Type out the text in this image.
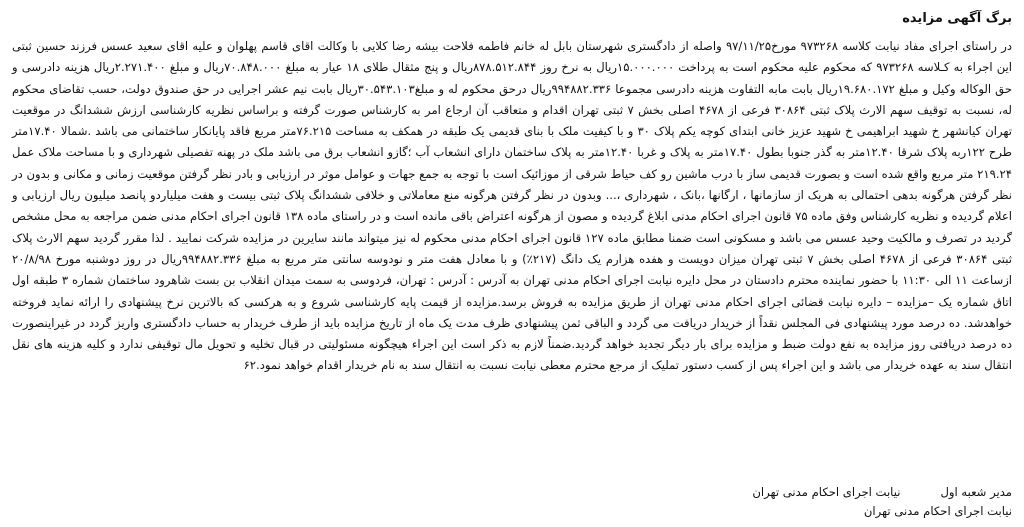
برگ آگهی مزایده

در راستای اجرای مفاد نیابت کلاسه ۹۷۳۲۶۸ مورخ۹۷/۱۱/۲۵ واصله از دادگستری شهرستان بابل له خانم فاطمه فلاحت بیشه رضا کلایی با وکالت اقای قاسم پهلوان و علیه اقای سعید عسس فرزند حسین ثبتی این اجراء به کـلاسه ۹۷۳۲۶۸ که محکوم علیه محکوم است به پرداخت ۱۵.۰۰۰.۰۰۰ریال به نرخ روز ۸۷۸.۵۱۲.۸۴۴ریال و پنج مثقال طلای ۱۸ عیار به مبلغ ۷۰.۸۴۸.۰۰۰ریال و مبلغ ۲.۲۷۱.۴۰۰ریال هزینه دادرسی و حق الوکاله وکیل و مبلغ ۱۹.۶۸۰.۱۷۲ریال بابت مابه التفاوت هزینه دادرسی مجموعا ۹۹۴۸۸۲.۳۳۶ریال درحق محکوم له و مبلغ۳۰.۵۴۳.۱۰۳ریال بابت نیم عشر اجرایی در حق صندوق دولت، حسب تقاضای محکوم له، نسبت به توقیف سهم الارث پلاک ثبتی ۳۰۸۶۴ فرعی از ۴۶۷۸ اصلی بخش ۷ ثبتی تهران اقدام و متعاقب آن ارجاع امر به کارشناس صورت گرفته و براساس نظریه کارشناسی ارزش ششدانگ در موقعیت تهران کیانشهر خ شهید ابراهیمی خ شهید عزیز خانی ابتدای کوچه یکم پلاک ۳۰ و با کیفیت ملک با بنای قدیمی یک طبقه در همکف به مساحت ۷۶.۲۱۵متر مربع فاقد پایانکار ساختمانی می باشد .شمالا ۱۷.۴۰متر طرح ۱۲۲ربه پلاک شرقا ۱۲.۴۰متر به گذر جنوبا بطول ۱۷.۴۰متر به پلاک و غربا ۱۲.۴۰متر به پلاک ساختمان دارای انشعاب آب ؛گازو انشعاب برق می باشد ملک در پهنه تفصیلی شهرداری و با مساحت ملاک عمل ۲۱۹.۲۴ متر مربع واقع شده است و بصورت قدیمی ساز با درب ماشین رو کف حیاط شرقی از موزائیک است با توجه به جمع جهات و عوامل موثر در ارزیابی و بادر نظر گرفتن موقعیت زمانی و مکانی و بدون در نظر گرفتن هرگونه بدهی احتمالی به هریک از سازمانها ، ارگانها ،بانک ، شهرداری ،... وبدون در نظر گرفتن هرگونه منع معاملاتی و خلافی ششدانگ پلاک ثبتی بیست و هفت میلیاردو پانصد میلیون ریال ارزیابی و اعلام گردیده و نظریه کارشناس وفق ماده ۷۵ قانون اجرای احکام مدنی ابلاغ گردیده و مصون از هرگونه اعتراض باقی مانده است و در راستای ماده ۱۳۸ قانون اجرای احکام مدنی ضمن مراجعه به محل مشخص گردید در تصرف و مالکیت وحید عسس می باشد و مسکونی است ضمنا مطابق ماده ۱۲۷ قانون اجرای احکام مدنی محکوم له نیز میتواند مانند سایرین در مزایده شرکت نمایید . لذا مقرر گردید سهم الارث پلاک ثبتی ۳۰۸۶۴ فرعی از ۴۶۷۸ اصلی بخش ۷ ثبتی تهران میزان دویست و هفده هزارم یک دانگ (۲۱۷٪) و با معادل هفت متر و نودوسه سانتی متر مربع به مبلغ ۹۹۴۸۸۲.۳۳۶ریال در روز دوشنبه مورخ ۲۰/۸/۹۸ ازساعت ۱۱ الی ۱۱:۳۰ با حضور نماینده محترم دادستان در محل دایره نیابت اجرای احکام مدنی تهران به آدرس : آدرس : تهران، فردوسی به سمت میدان انقلاب بن بست شاهرود ساختمان شماره ۳ طبقه اول اتاق شماره یک –مزایده – دایره نیابت قضائی اجرای احکام مدنی تهران از طریق مزایده به فروش برسد.مزایده از قیمت پایه کارشناسی شروع و به هرکسی که بالاترین نرخ پیشنهادی را ارائه نماید فروخته خواهدشد. ده درصد مورد پیشنهادی فی المجلس نقداً از خریدار دریافت می گردد و الباقی ثمن پیشنهادی ظرف مدت یک ماه از تاریخ مزایده باید از طرف خریدار به حساب دادگستری واریز گردد در غیراینصورت ده درصد دریافتی روز مزایده به نفع دولت ضبط و مزایده برای بار دیگر تجدید خواهد گردید.ضمناً لازم به ذکر است این اجراء هیچگونه مسئولیتی در قبال تخلیه و تحویل مال توقیفی ندارد و کلیه هزینه های نقل انتقال سند به عهده خریدار می باشد و این اجراء پس از کسب دستور تملیک از مرجع محترم معطی نیابت نسبت به انتقال سند به نام خریدار اقدام خواهد نمود.۶۲

مدیر شعبه اولنیابت اجرای احکام مدنی تهران
نیابت اجرای احکام مدنی تهران
